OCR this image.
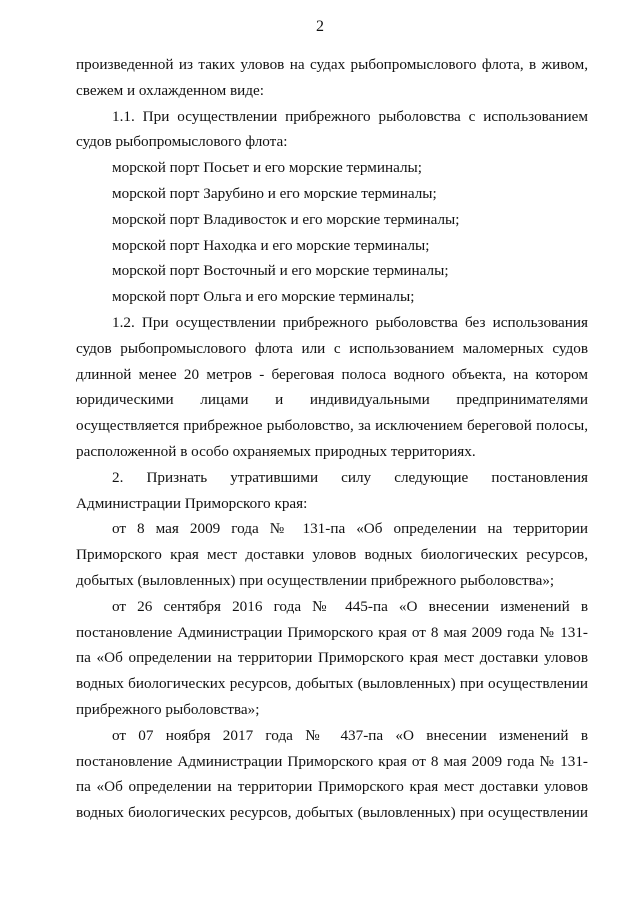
2

произведенной из таких уловов на судах рыбопромыслового флота, в живом, свежем и охлажденном виде:

1.1. При осуществлении прибрежного рыболовства с использованием судов рыбопромыслового флота:

морской порт Посьет и его морские терминалы;

морской порт Зарубино и его морские терминалы;

морской порт Владивосток и его морские терминалы;

морской порт Находка и его морские терминалы;

морской порт Восточный и его морские терминалы;

морской порт Ольга и его морские терминалы;

1.2. При осуществлении прибрежного рыболовства без использования судов рыбопромыслового флота или с использованием маломерных судов длинной менее 20 метров - береговая полоса водного объекта, на котором юридическими лицами и индивидуальными предпринимателями осуществляется прибрежное рыболовство, за исключением береговой полосы, расположенной в особо охраняемых природных территориях.

2. Признать утратившими силу следующие постановления Администрации Приморского края:

от 8 мая 2009 года № 131-па «Об определении на территории Приморского края мест доставки уловов водных биологических ресурсов, добытых (выловленных) при осуществлении прибрежного рыболовства»;

от 26 сентября 2016 года № 445-па «О внесении изменений в постановление Администрации Приморского края от 8 мая 2009 года № 131-па «Об определении на территории Приморского края мест доставки уловов водных биологических ресурсов, добытых (выловленных) при осуществлении прибрежного рыболовства»;

от 07 ноября 2017 года № 437-па «О внесении изменений в постановление Администрации Приморского края от 8 мая 2009 года № 131-па «Об определении на территории Приморского края мест доставки уловов водных биологических ресурсов, добытых (выловленных) при осуществлении
